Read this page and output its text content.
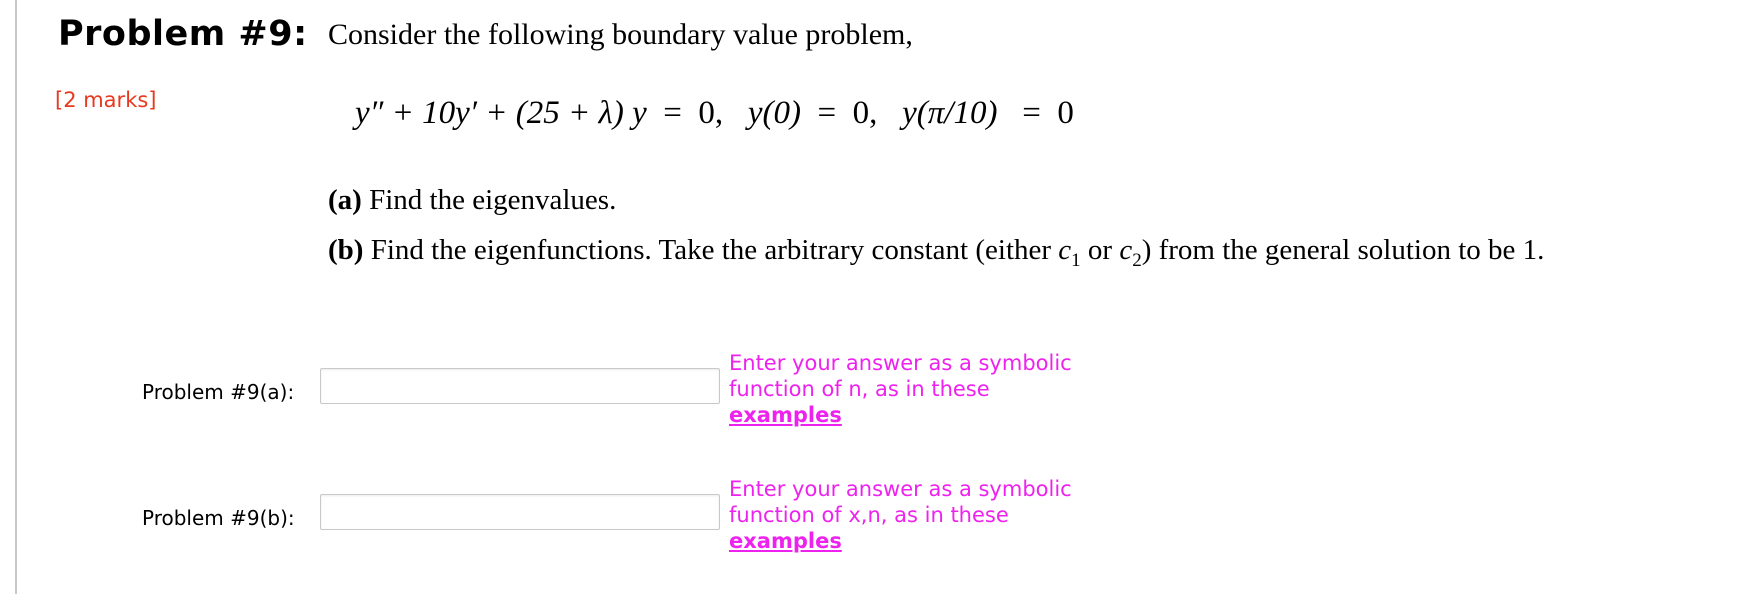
Problem #9: Consider the following boundary value problem,
[2 marks]	y″ + 10y′ + (25 + λ) y = 0, y(0) = 0, y(π/10) = 0
(a) Find the eigenvalues.
(b) Find the eigenfunctions. Take the arbitrary constant (either $c_1$ or $c_2$) from the general solution to be 1.
Problem #9(a):
Enter your answer as a symbolic function of n, as in these
examples
Problem #9(b):
Enter your answer as a symbolic function of x,n, as in these
examples
